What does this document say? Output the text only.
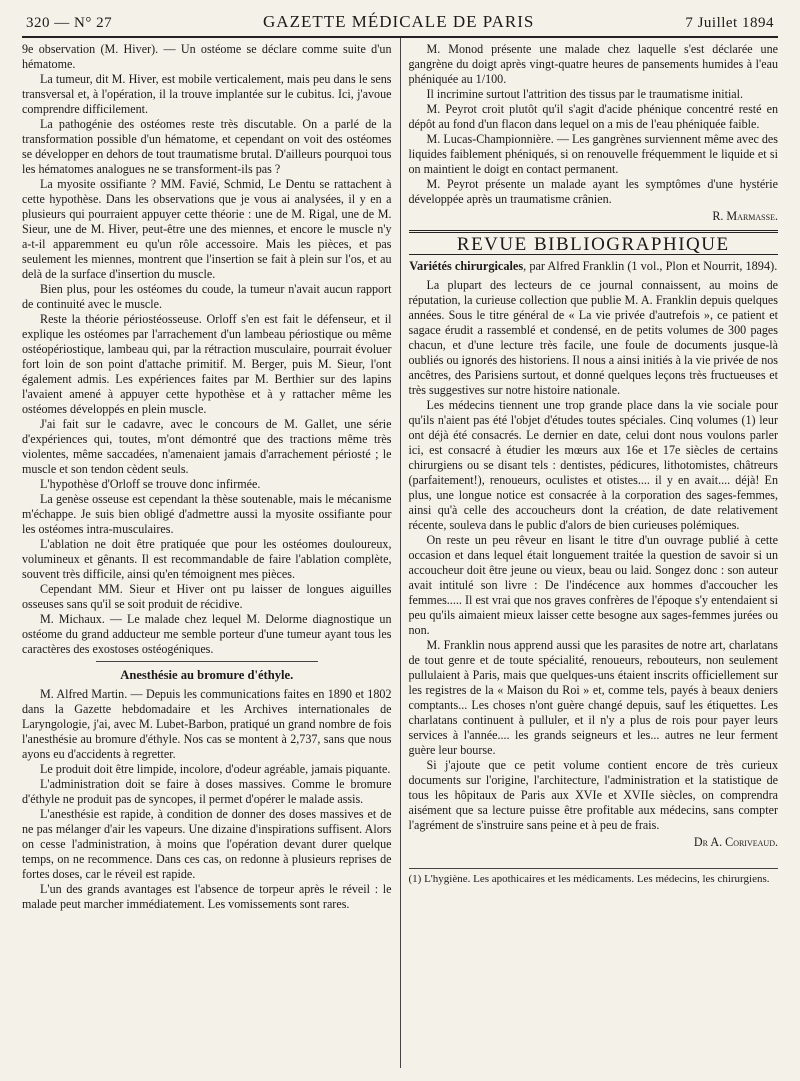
320 — N° 27	GAZETTE MÉDICALE DE PARIS	7 Juillet 1894

9e observation (M. Hiver). — Un ostéome se déclare comme suite d'un hématome.

La tumeur, dit M. Hiver, est mobile verticalement, mais peu dans le sens transversal et, à l'opération, il la trouve implantée sur le cubitus. Ici, j'avoue comprendre difficilement.

La pathogénie des ostéomes reste très discutable. On a parlé de la transformation possible d'un hématome, et cependant on voit des ostéomes se développer en dehors de tout traumatisme brutal. D'ailleurs pourquoi tous les hématomes analogues ne se transforment-ils pas ?

La myosite ossifiante ? MM. Favié, Schmid, Le Dentu se rattachent à cette hypothèse. Dans les observations que je vous ai analysées, il y en a plusieurs qui pourraient appuyer cette théorie : une de M. Rigal, une de M. Sieur, une de M. Hiver, peut-être une des miennes, et encore le muscle n'y a-t-il apparemment eu qu'un rôle accessoire. Mais les pièces, et pas seulement les miennes, montrent que l'insertion se fait à plein sur l'os, et au delà de la surface d'insertion du muscle.

Bien plus, pour les ostéomes du coude, la tumeur n'avait aucun rapport de continuité avec le muscle.

Reste la théorie périostéosseuse. Orloff s'en est fait le défenseur, et il explique les ostéomes par l'arrachement d'un lambeau périostique ou même ostéopériostique, lambeau qui, par la rétraction musculaire, pourrait évoluer fort loin de son point d'attache primitif. M. Berger, puis M. Sieur, l'ont également admis. Les expériences faites par M. Berthier sur des lapins l'avaient amené à appuyer cette hypothèse et à y rattacher même les ostéomes développés en plein muscle.

J'ai fait sur le cadavre, avec le concours de M. Gallet, une série d'expériences qui, toutes, m'ont démontré que des tractions même très violentes, même saccadées, n'amenaient jamais d'arrachement périosté ; le muscle et son tendon cèdent seuls.

L'hypothèse d'Orloff se trouve donc infirmée.

La genèse osseuse est cependant la thèse soutenable, mais le mécanisme m'échappe. Je suis bien obligé d'admettre aussi la myosite ossifiante pour les ostéomes intra-musculaires.

L'ablation ne doit être pratiquée que pour les ostéomes douloureux, volumineux et gênants. Il est recommandable de faire l'ablation complète, souvent très difficile, ainsi qu'en témoignent mes pièces.

Cependant MM. Sieur et Hiver ont pu laisser de longues aiguilles osseuses sans qu'il se soit produit de récidive.

M. Michaux. — Le malade chez lequel M. Delorme diagnostique un ostéome du grand adducteur me semble porteur d'une tumeur ayant tous les caractères des exostoses ostéogéniques.

Anesthésie au bromure d'éthyle.

M. Alfred Martin. — Depuis les communications faites en 1890 et 1802 dans la Gazette hebdomadaire et les Archives internationales de Laryngologie, j'ai, avec M. Lubet-Barbon, pratiqué un grand nombre de fois l'anesthésie au bromure d'éthyle. Nos cas se montent à 2,737, sans que nous ayons eu d'accidents à regretter.

Le produit doit être limpide, incolore, d'odeur agréable, jamais piquante.

L'administration doit se faire à doses massives. Comme le bromure d'éthyle ne produit pas de syncopes, il permet d'opérer le malade assis.

L'anesthésie est rapide, à condition de donner des doses massives et de ne pas mélanger d'air les vapeurs. Une dizaine d'inspirations suffisent. Alors on cesse l'administration, à moins que l'opération devant durer quelque temps, on ne recommence. Dans ces cas, on redonne à plusieurs reprises de fortes doses, car le réveil est rapide.

L'un des grands avantages est l'absence de torpeur après le réveil : le malade peut marcher immédiatement. Les vomissements sont rares.

M. Monod présente une malade chez laquelle s'est déclarée une gangrène du doigt après vingt-quatre heures de pansements humides à l'eau phéniquée au 1/100.

Il incrimine surtout l'attrition des tissus par le traumatisme initial.

M. Peyrot croit plutôt qu'il s'agit d'acide phénique concentré resté en dépôt au fond d'un flacon dans lequel on a mis de l'eau phéniquée faible.

M. Lucas-Championnière. — Les gangrènes surviennent même avec des liquides faiblement phéniqués, si on renouvelle fréquemment le liquide et si on maintient le doigt en contact permanent.

M. Peyrot présente un malade ayant les symptômes d'une hystérie développée après un traumatisme crânien.

R. Marmasse.
REVUE BIBLIOGRAPHIQUE
Variétés chirurgicales, par Alfred Franklin (1 vol., Plon et Nourrit, 1894).

La plupart des lecteurs de ce journal connaissent, au moins de réputation, la curieuse collection que publie M. A. Franklin depuis quelques années. Sous le titre général de « La vie privée d'autrefois », ce patient et sagace érudit a rassemblé et condensé, en de petits volumes de 300 pages chacun, et d'une lecture très facile, une foule de documents jusque-là oubliés ou ignorés des historiens. Il nous a ainsi initiés à la vie privée de nos ancêtres, des Parisiens surtout, et donné quelques leçons très fructueuses et très suggestives sur notre histoire nationale.

Les médecins tiennent une trop grande place dans la vie sociale pour qu'ils n'aient pas été l'objet d'études toutes spéciales. Cinq volumes (1) leur ont déjà été consacrés. Le dernier en date, celui dont nous voulons parler ici, est consacré à étudier les mœurs aux 16e et 17e siècles de certains chirurgiens ou se disant tels : dentistes, pédicures, lithotomistes, châtreurs (parfaitement!), renoueurs, oculistes et otistes.... il y en avait.... déjà! En plus, une longue notice est consacrée à la corporation des sages-femmes, ainsi qu'à celle des accoucheurs dont la création, de date relativement récente, souleva dans le public d'alors de bien curieuses polémiques.

On reste un peu rêveur en lisant le titre d'un ouvrage publié à cette occasion et dans lequel était longuement traitée la question de savoir si un accoucheur doit être jeune ou vieux, beau ou laid. Songez donc : son auteur avait intitulé son livre : De l'indécence aux hommes d'accoucher les femmes..... Il est vrai que nos graves confrères de l'époque s'y entendaient si peu qu'ils aimaient mieux laisser cette besogne aux sages-femmes jurées ou non.

M. Franklin nous apprend aussi que les parasites de notre art, charlatans de tout genre et de toute spécialité, renoueurs, rebouteurs, non seulement pullulaient à Paris, mais que quelques-uns étaient inscrits officiellement sur les registres de la « Maison du Roi » et, comme tels, payés à beaux deniers comptants... Les choses n'ont guère changé depuis, sauf les étiquettes. Les charlatans continuent à pulluler, et il n'y a plus de rois pour payer leurs services à l'année.... les grands seigneurs et les... autres ne leur ferment guère leur bourse.

Si j'ajoute que ce petit volume contient encore de très curieux documents sur l'origine, l'architecture, l'administration et la statistique de tous les hôpitaux de Paris aux XVIe et XVIIe siècles, on comprendra aisément que sa lecture puisse être profitable aux médecins, sans compter l'agrément de s'instruire sans peine et à peu de frais.

Dr A. Coriveaud.
(1) L'hygiène. Les apothicaires et les médicaments. Les médecins, les chirurgiens.
